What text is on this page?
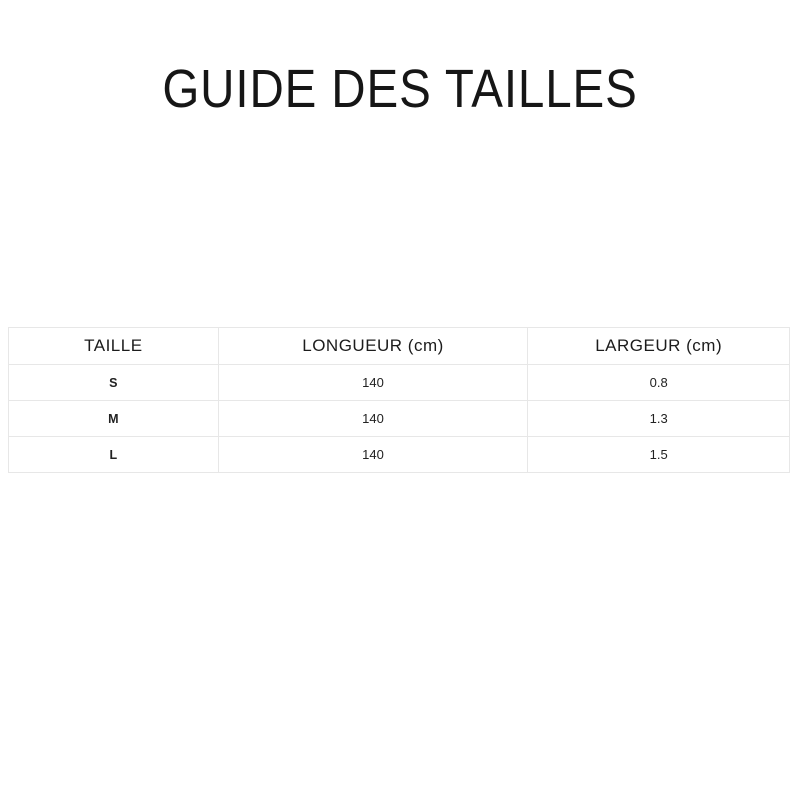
GUIDE DES TAILLES
TAILLE	LONGUEUR (cm)	LARGEUR (cm)
S	140	0.8
M	140	1.3
L	140	1.5
